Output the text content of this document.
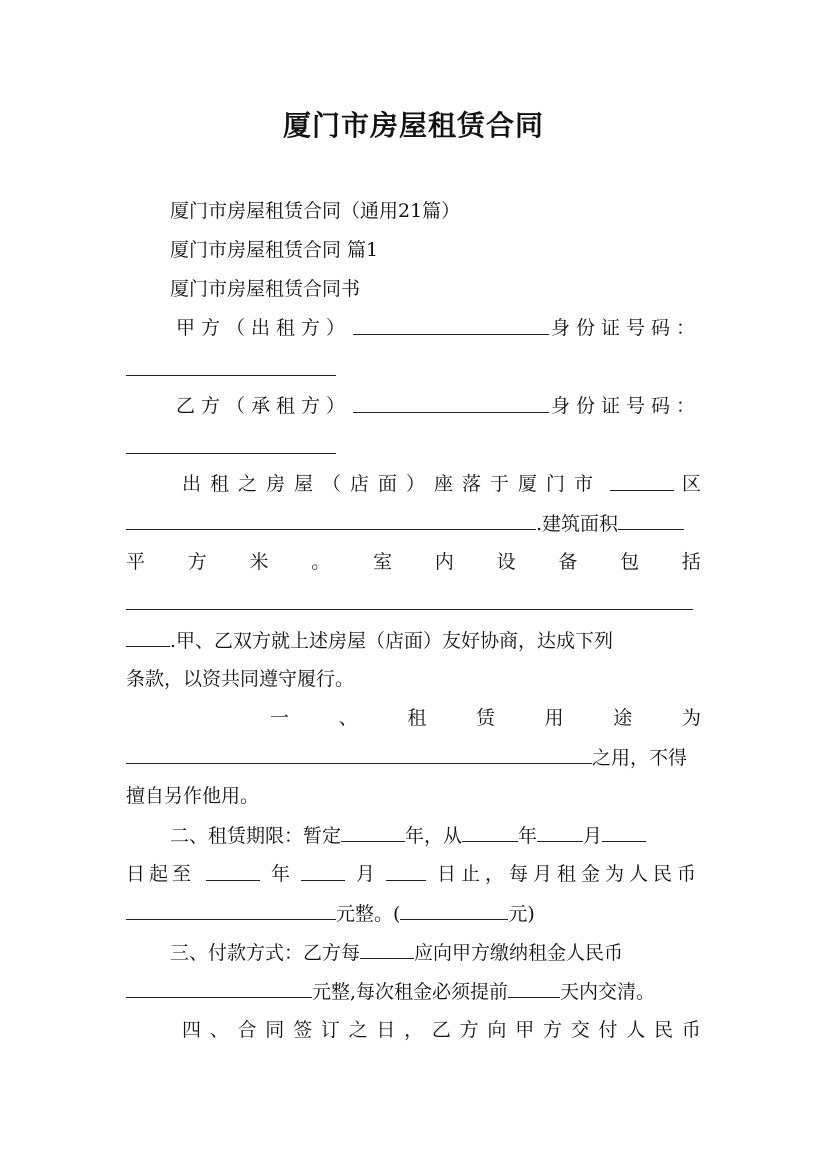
厦门市房屋租赁合同
厦门市房屋租赁合同（通用21篇）
厦门市房屋租赁合同 篇1
厦门市房屋租赁合同书
甲方（出租方）	身份证号码：
乙方（承租方）	身份证号码：
出租之房屋（店面）座落于厦门市	区
.建筑面积
平 方 米 。 室 内 设 备 包 括
.甲、乙双方就上述房屋（店面）友好协商，达成下列
条款，以资共同遵守履行。
一	、	租	赁	用	途	为
之用，不得
擅自另作他用。
二、租赁期限：暂定	年，从	年 月
日起至	年	月	日止，每月租金为人民币
元整。(	元)
三、付款方式：乙方每	应向甲方缴纳租金人民币
元整,每次租金必须提前	天内交清。
四 、 合 同 签 订 之 日 ， 乙 方 向 甲 方 交 付 人 民 币
